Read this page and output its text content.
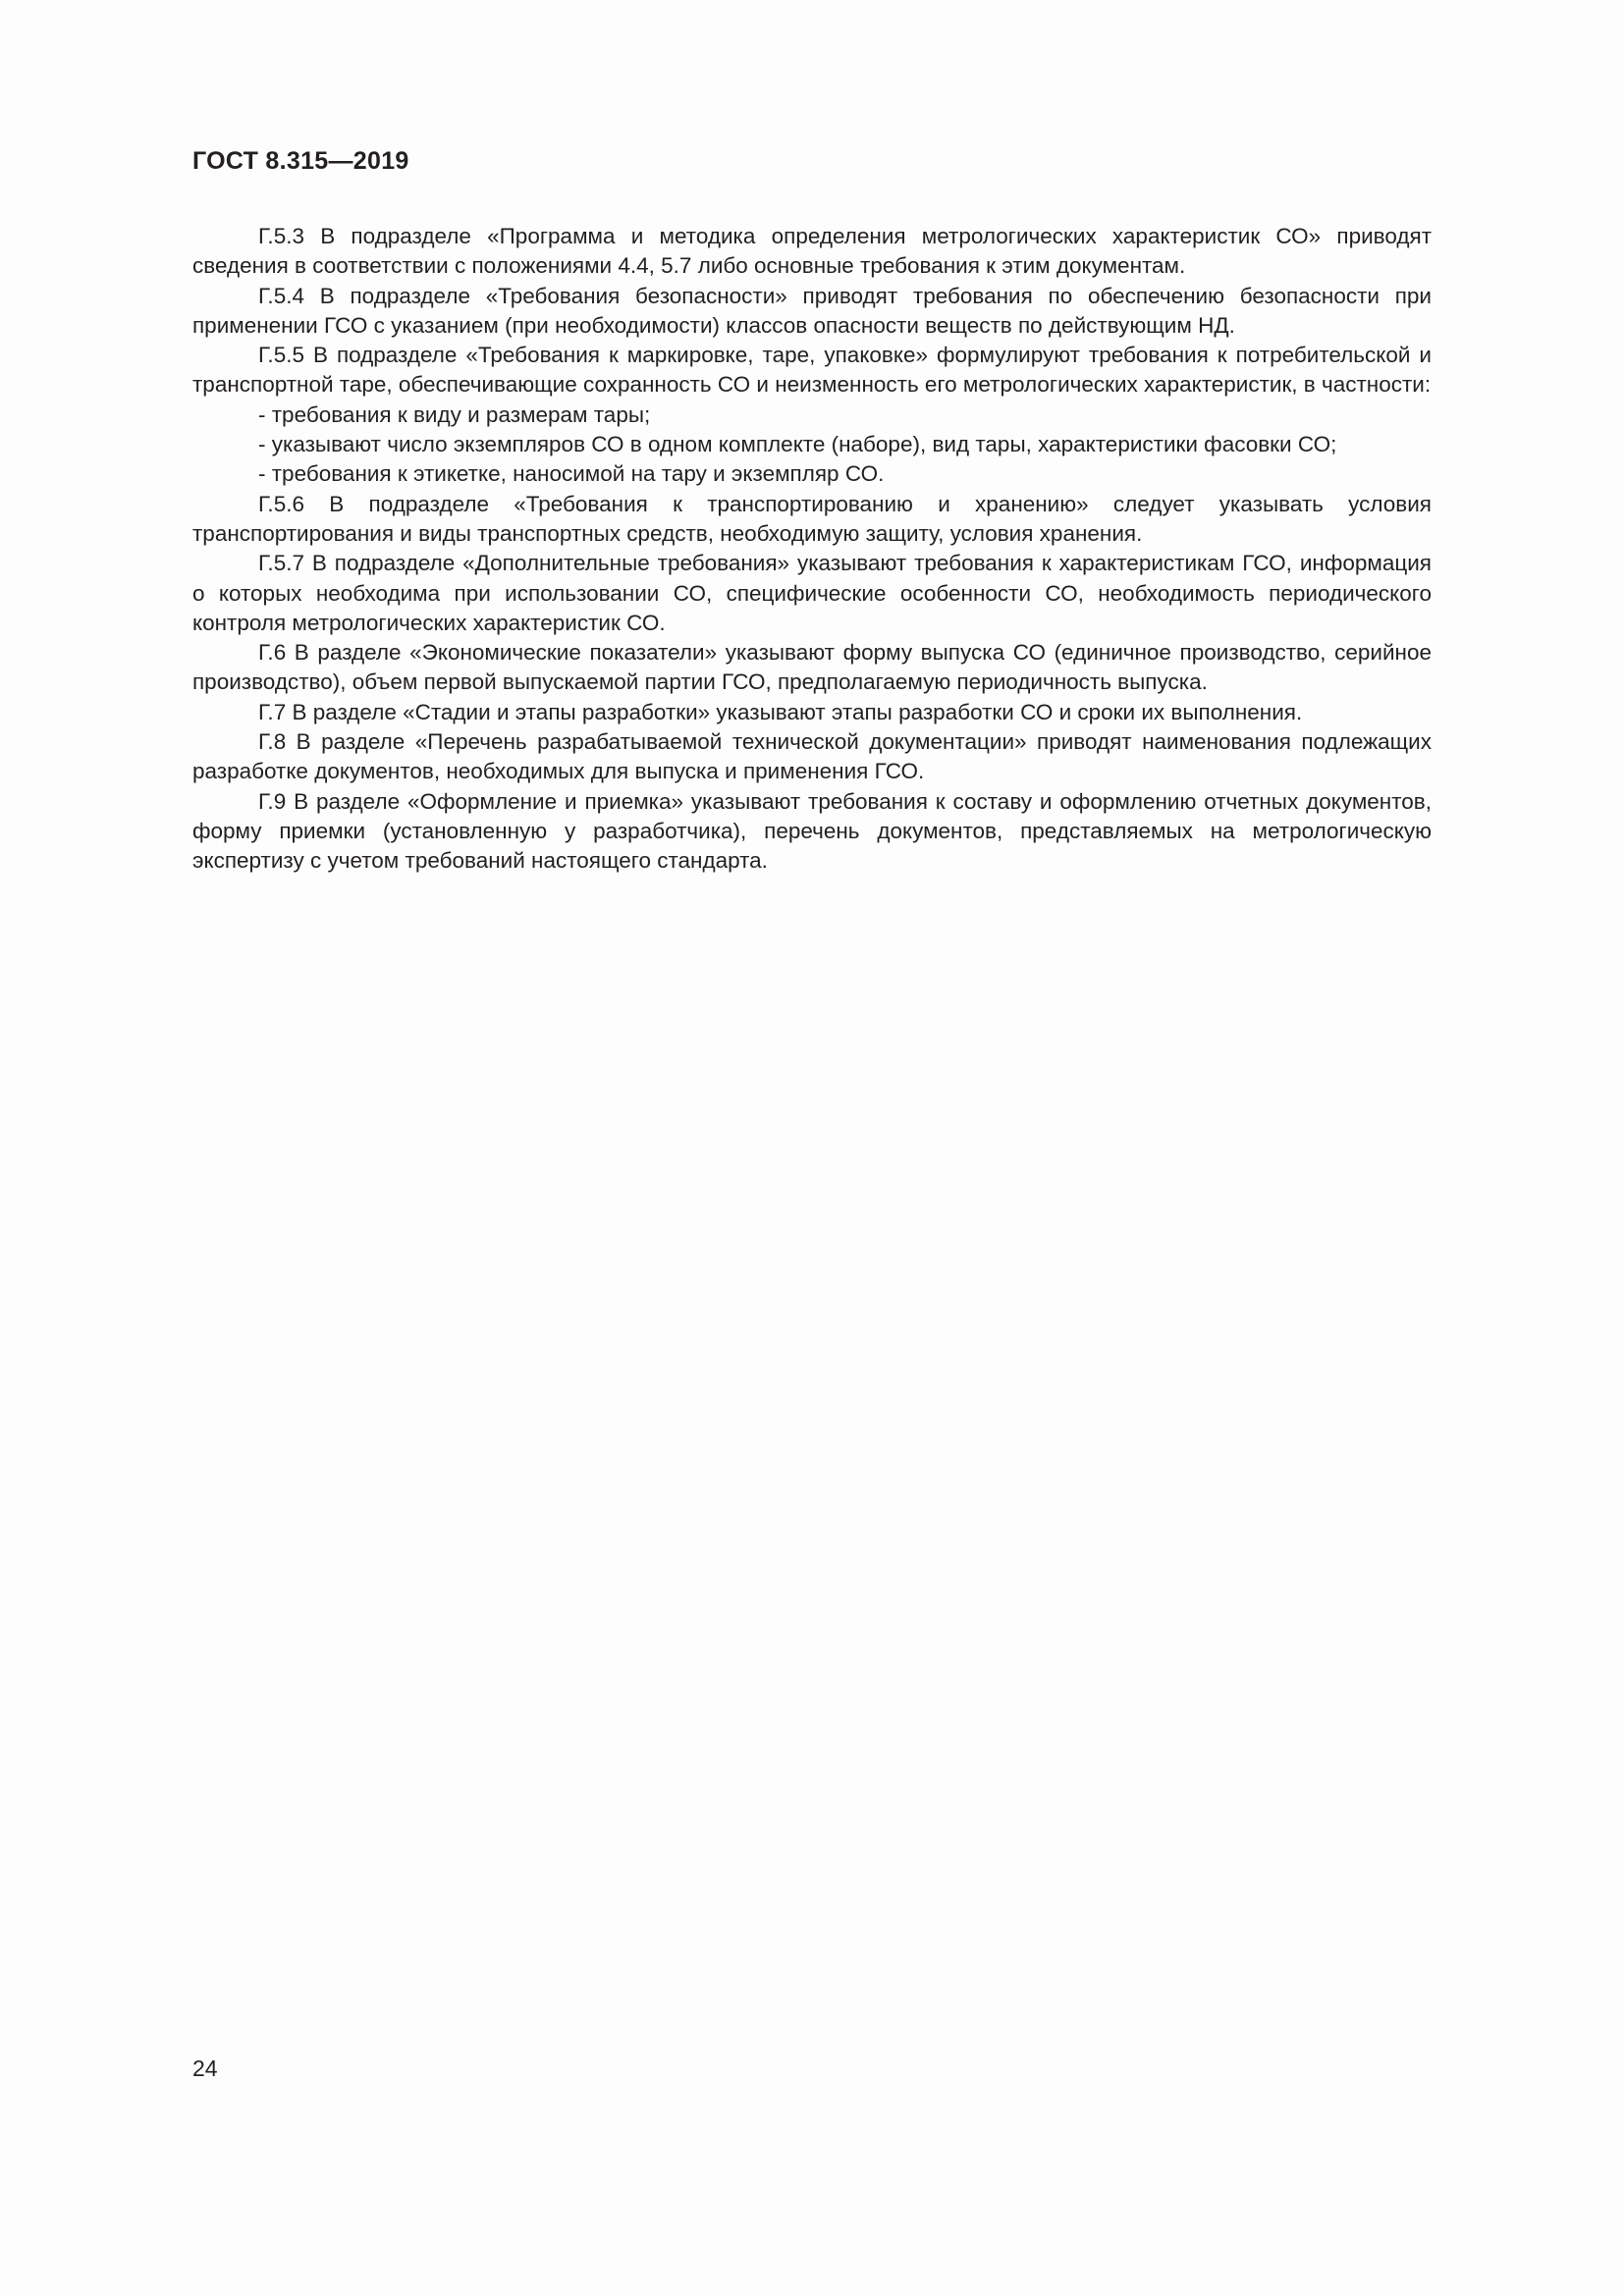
ГОСТ 8.315—2019

Г.5.3 В подразделе «Программа и методика определения метрологических характеристик СО» приводят сведения в соответствии с положениями 4.4, 5.7 либо основные требования к этим документам.

Г.5.4 В подразделе «Требования безопасности» приводят требования по обеспечению безопасности при применении ГСО с указанием (при необходимости) классов опасности веществ по действующим НД.

Г.5.5 В подразделе «Требования к маркировке, таре, упаковке» формулируют требования к потребительской и транспортной таре, обеспечивающие сохранность СО и неизменность его метрологических характеристик, в частности:

- требования к виду и размерам тары;
- указывают число экземпляров СО в одном комплекте (наборе), вид тары, характеристики фасовки СО;
- требования к этикетке, наносимой на тару и экземпляр СО.

Г.5.6 В подразделе «Требования к транспортированию и хранению» следует указывать условия транспортирования и виды транспортных средств, необходимую защиту, условия хранения.

Г.5.7 В подразделе «Дополнительные требования» указывают требования к характеристикам ГСО, информация о которых необходима при использовании СО, специфические особенности СО, необходимость периодического контроля метрологических характеристик СО.

Г.6 В разделе «Экономические показатели» указывают форму выпуска СО (единичное производство, серийное производство), объем первой выпускаемой партии ГСО, предполагаемую периодичность выпуска.

Г.7 В разделе «Стадии и этапы разработки» указывают этапы разработки СО и сроки их выполнения.

Г.8 В разделе «Перечень разрабатываемой технической документации» приводят наименования подлежащих разработке документов, необходимых для выпуска и применения ГСО.

Г.9 В разделе «Оформление и приемка» указывают требования к составу и оформлению отчетных документов, форму приемки (установленную у разработчика), перечень документов, представляемых на метрологическую экспертизу с учетом требований настоящего стандарта.

24
